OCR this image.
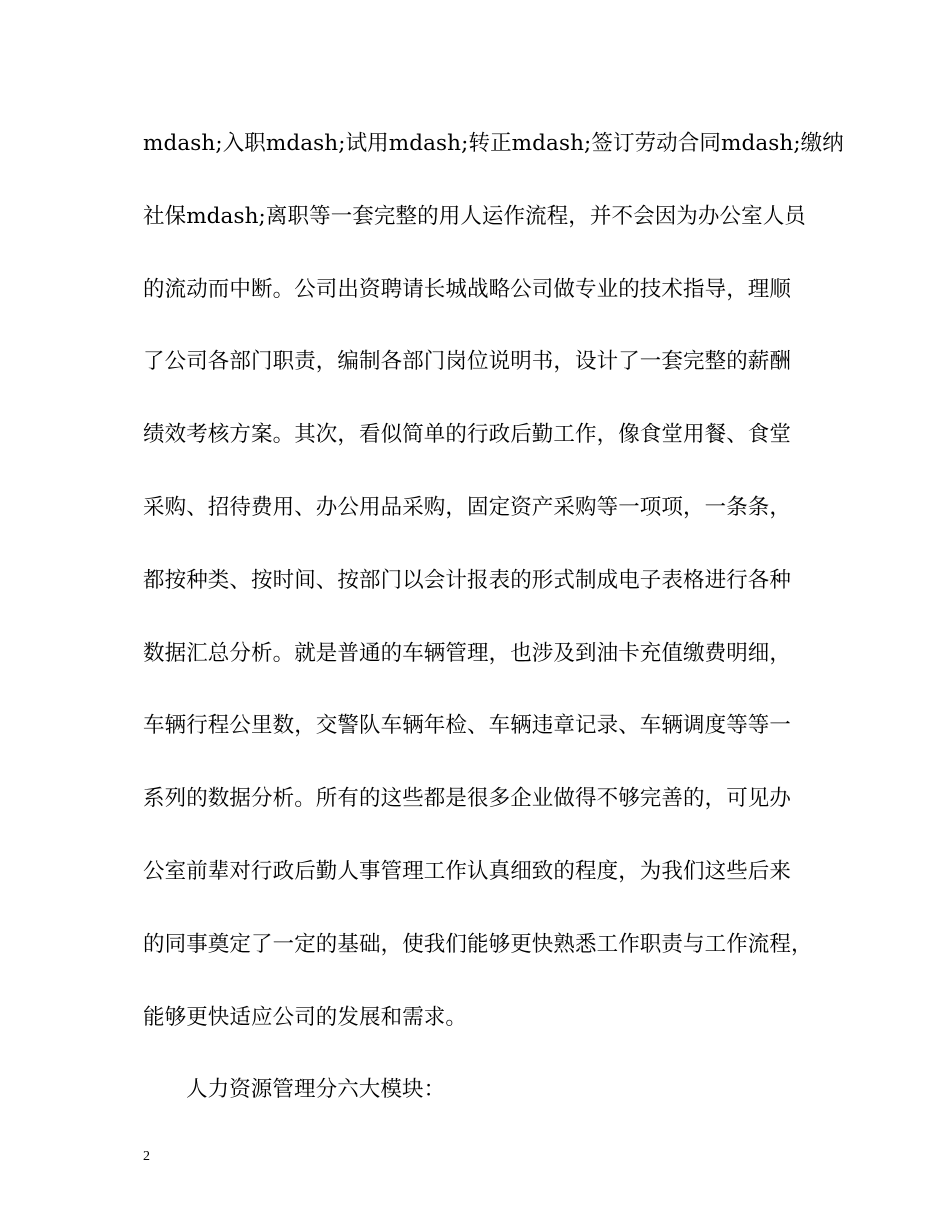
mdash;入职mdash;试用mdash;转正mdash;签订劳动合同mdash;缴纳
社保mdash;离职等一套完整的用人运作流程，并不会因为办公室人员
的流动而中断。公司出资聘请长城战略公司做专业的技术指导，理顺
了公司各部门职责，编制各部门岗位说明书，设计了一套完整的薪酬
绩效考核方案。其次，看似简单的行政后勤工作，像食堂用餐、食堂
采购、招待费用、办公用品采购，固定资产采购等一项项，一条条，
都按种类、按时间、按部门以会计报表的形式制成电子表格进行各种
数据汇总分析。就是普通的车辆管理，也涉及到油卡充值缴费明细，
车辆行程公里数，交警队车辆年检、车辆违章记录、车辆调度等等一
系列的数据分析。所有的这些都是很多企业做得不够完善的，可见办
公室前辈对行政后勤人事管理工作认真细致的程度，为我们这些后来
的同事奠定了一定的基础，使我们能够更快熟悉工作职责与工作流程，
能够更快适应公司的发展和需求。
人力资源管理分六大模块：
2
